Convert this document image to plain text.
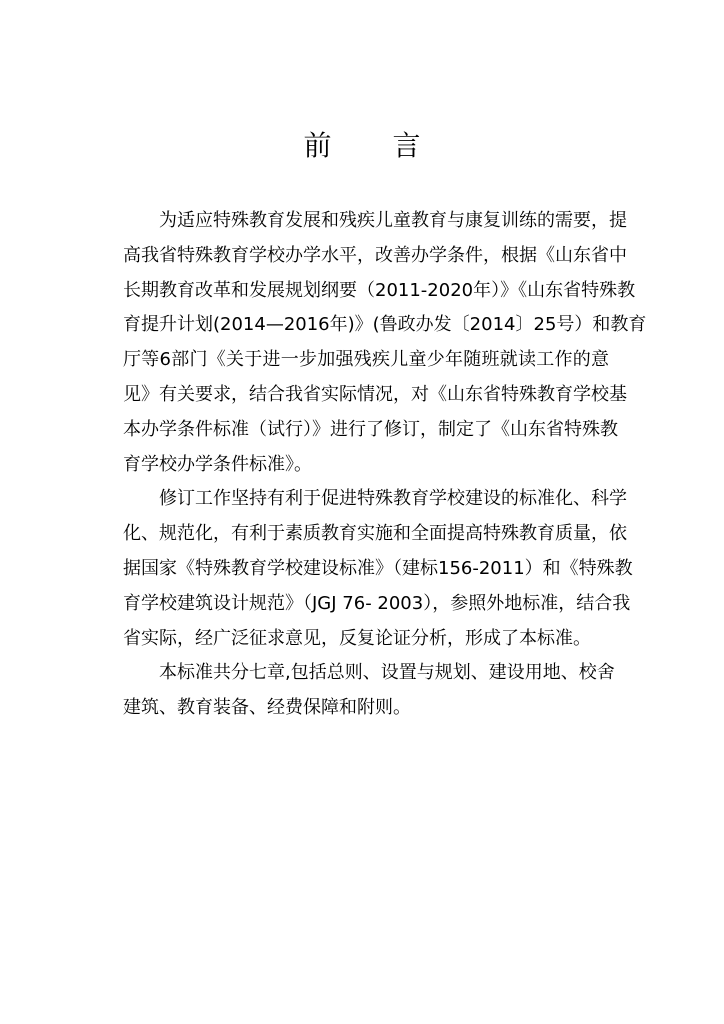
前 言
为适应特殊教育发展和残疾儿童教育与康复训练的需要，提
高我省特殊教育学校办学水平，改善办学条件，根据《山东省中
长期教育改革和发展规划纲要（2011-2020年）》《山东省特殊教
育提升计划(2014—2016年)》(鲁政办发〔2014〕25号）和教育
厅等6部门《关于进一步加强残疾儿童少年随班就读工作的意
见》有关要求，结合我省实际情况，对《山东省特殊教育学校基
本办学条件标准（试行）》进行了修订，制定了《山东省特殊教
育学校办学条件标准》。
修订工作坚持有利于促进特殊教育学校建设的标准化、科学
化、规范化，有利于素质教育实施和全面提高特殊教育质量，依
据国家《特殊教育学校建设标准》（建标156-2011）和《特殊教
育学校建筑设计规范》（JGJ 76- 2003），参照外地标准，结合我
省实际，经广泛征求意见，反复论证分析，形成了本标准。
本标准共分七章,包括总则、设置与规划、建设用地、校舍
建筑、教育装备、经费保障和附则。
